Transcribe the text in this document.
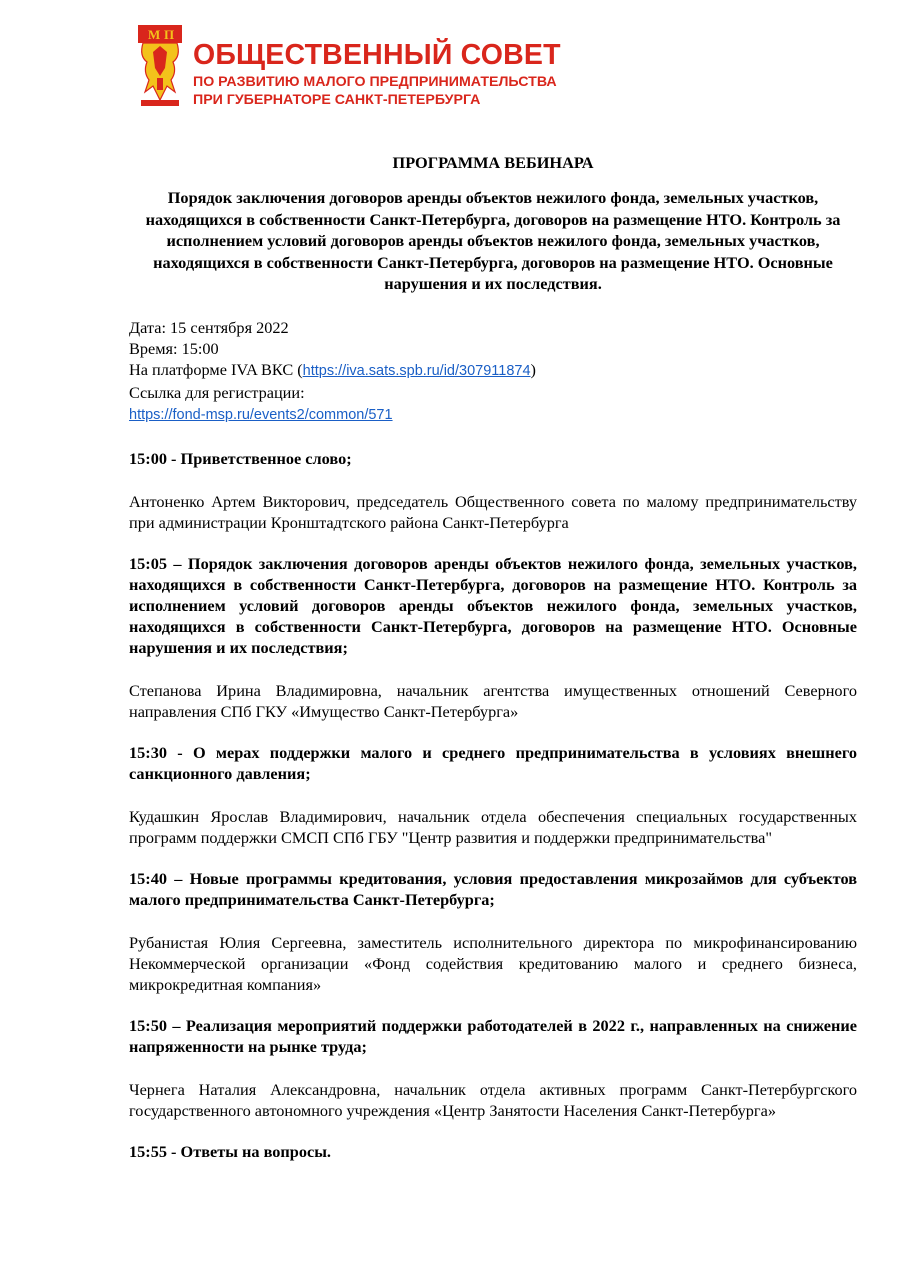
М П
ОБЩЕСТВЕННЫЙ СОВЕТ
ПО РАЗВИТИЮ МАЛОГО ПРЕДПРИНИМАТЕЛЬСТВА
ПРИ ГУБЕРНАТОРЕ САНКТ-ПЕТЕРБУРГА
ПРОГРАММА ВЕБИНАРА
Порядок заключения договоров аренды объектов нежилого фонда, земельных участков, находящихся в собственности Санкт-Петербурга, договоров на размещение НТО. Контроль за исполнением условий договоров аренды объектов нежилого фонда, земельных участков, находящихся в собственности Санкт-Петербурга, договоров на размещение НТО. Основные нарушения и их последствия.
Дата: 15 сентября 2022
Время: 15:00
На платформе IVA ВКС (https://iva.sats.spb.ru/id/307911874)
Ссылка для регистрации:
https://fond-msp.ru/events2/common/571

15:00 - Приветственное слово;

Антоненко Артем Викторович, председатель Общественного совета по малому предпринимательству при администрации Кронштадтского района Санкт-Петербурга

15:05 – Порядок заключения договоров аренды объектов нежилого фонда, земельных участков, находящихся в собственности Санкт-Петербурга, договоров на размещение НТО. Контроль за исполнением условий договоров аренды объектов нежилого фонда, земельных участков, находящихся в собственности Санкт-Петербурга, договоров на размещение НТО. Основные нарушения и их последствия;

Степанова Ирина Владимировна, начальник агентства имущественных отношений Северного направления СПб ГКУ «Имущество Санкт-Петербурга»

15:30 - О мерах поддержки малого и среднего предпринимательства в условиях внешнего санкционного давления;

Кудашкин Ярослав Владимирович, начальник отдела обеспечения специальных государственных программ поддержки СМСП СПб ГБУ "Центр развития и поддержки предпринимательства"

15:40 – Новые программы кредитования, условия предоставления микрозаймов для субъектов малого предпринимательства Санкт-Петербурга;

Рубанистая Юлия Сергеевна, заместитель исполнительного директора по микрофинансированию Некоммерческой организации «Фонд содействия кредитованию малого и среднего бизнеса, микрокредитная компания»

15:50 – Реализация мероприятий поддержки работодателей в 2022 г., направленных на снижение напряженности на рынке труда;

Чернега Наталия Александровна, начальник отдела активных программ Санкт-Петербургского государственного автономного учреждения «Центр Занятости Населения Санкт-Петербурга»

15:55 - Ответы на вопросы.
